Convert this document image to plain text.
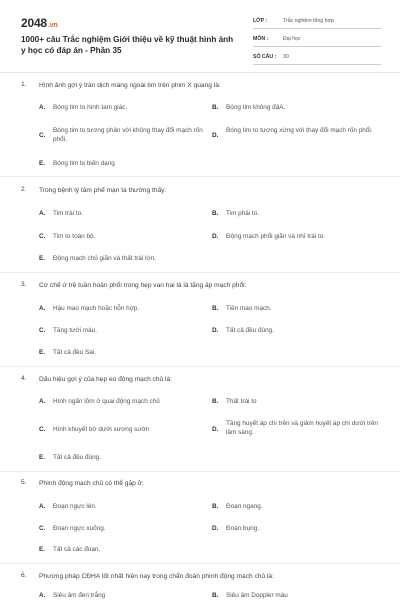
2048.vn
1000+ câu Trắc nghiệm Giới thiệu về kỹ thuật hình ảnh y học có đáp án - Phần 35
LỚP :	Trắc nghiệm tổng hợp
MÔN :	Đại học
SỐ CÂU :	30
1. Hình ảnh gợi ý tràn dịch màng ngoài tim trên phim X quang là:
A. Bóng tim to hình tam giác.	B. Bóng tim không đậA.
C.
Bóng tim to tương phản với không thay đổi mạch rốn phổi.
D.
Bóng tim to tương xứng với thay đổi mạch rốn phổi.
E. Bóng tim bị biến dạng
2. Trong bệnh lý tâm phế mạn ta thường thấy:
A. Tim trái to.	B. Tim phải to.
C. Tim to toàn bộ.	D. Động mạch phổi giãn và nhĩ trái to.
E. Động mạch chủ giãn và thất trái lớn.
3. Cơ chế ứ trệ tuần hoàn phổi trong hẹp van hai lá là tăng áp mạch phổi:
A. Hậu mao mạch hoặc hỗn hợp.	B. Tiền mao mạch.
C. Tăng tưới máu.	D. Tất cả đều đúng.
E. Tất cả đều Sai.
4. Dấu hiệu gợi ý của hẹp eo động mạch chủ là:
A. Hình ngấn lõm ở quai động mạch chủ	B. Thất trái to
C. Hình khuyết bờ dưới xương sườn	D.
Tăng huyết áp chi trên và giảm huyết áp chi dưới trên lâm sàng.
E. Tất cả đều đúng.
5. Phình động mạch chủ có thể gặp ở:
A. Đoạn ngực lên.	B. Đoạn ngang.
C. Đoạn ngực xuống.	D. Đoạn bụng.
E. Tất cả các đoạn.
6. Phương pháp CĐHA tốt nhất hiện nay trong chẩn đoán phình động mạch chủ là:
A. Siêu âm đen trắng	B. Siêu âm Doppler màu
